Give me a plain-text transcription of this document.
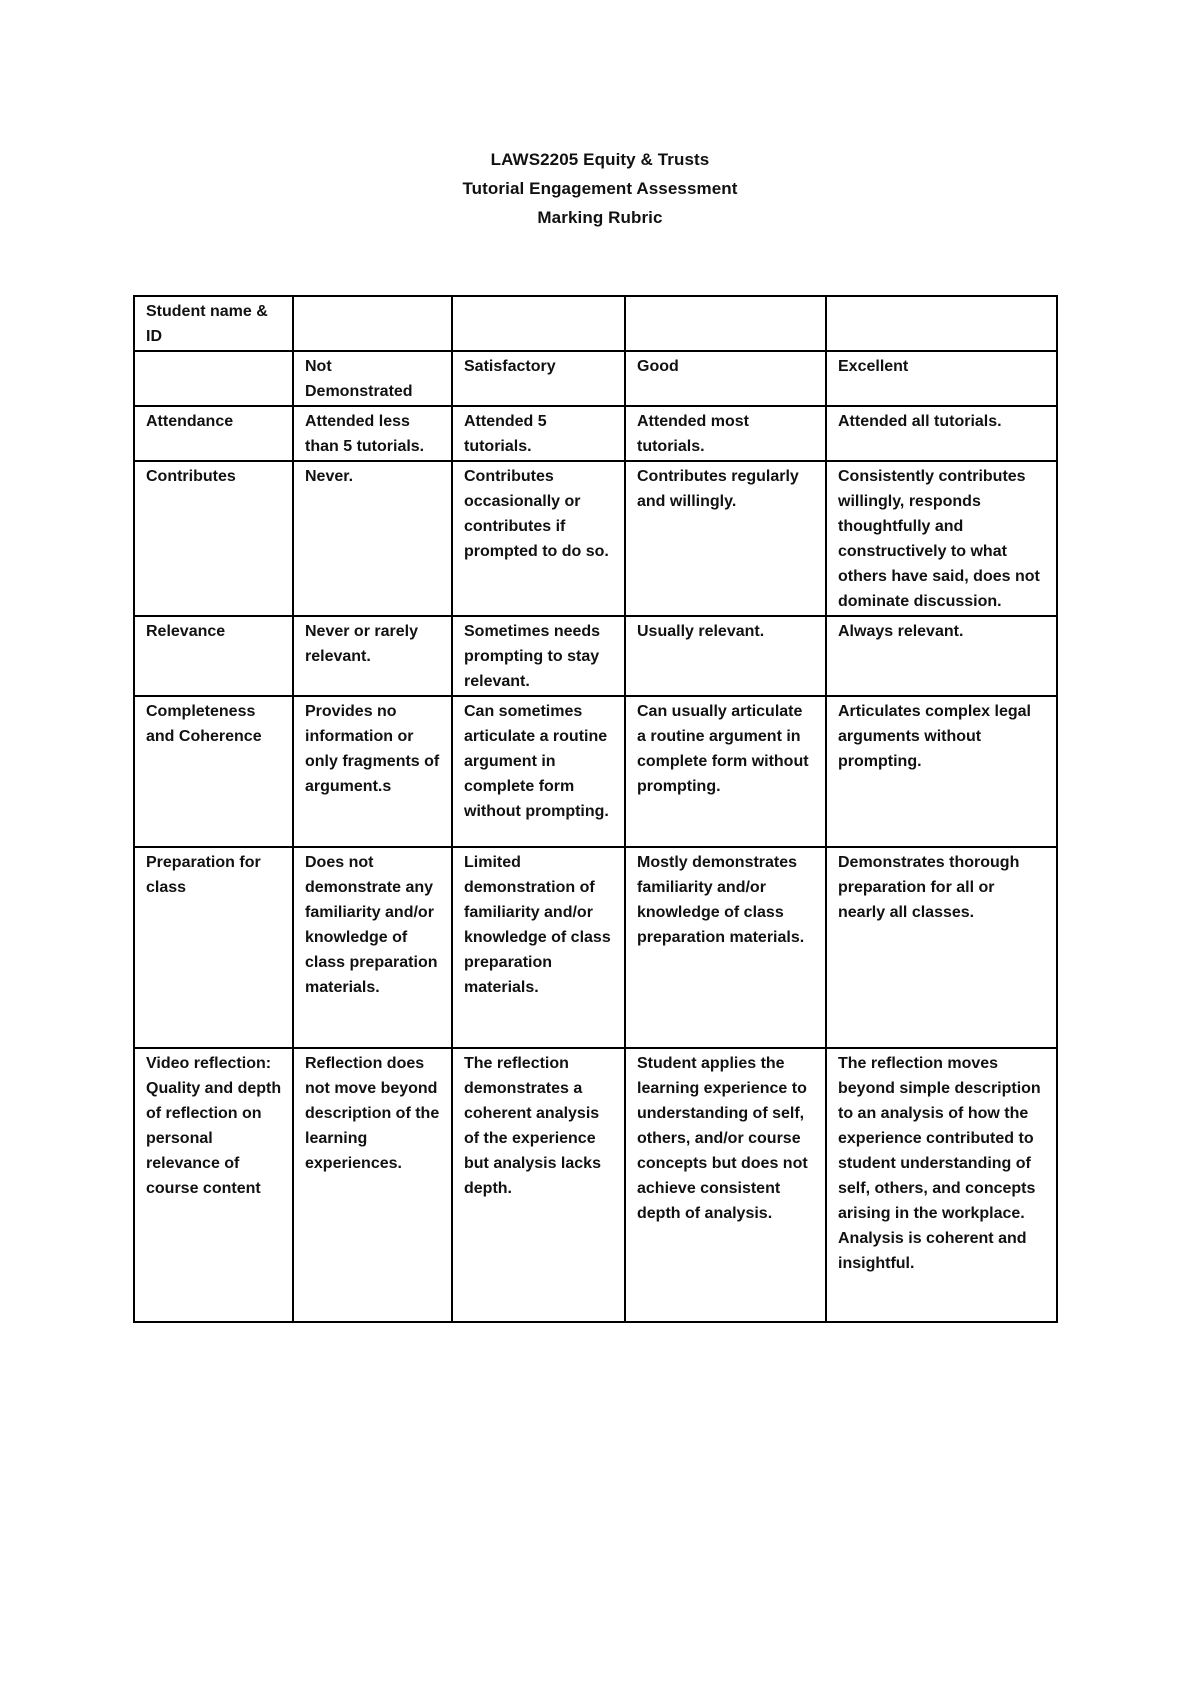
LAWS2205 Equity & Trusts
Tutorial Engagement Assessment
Marking Rubric
Student name & ID				
	Not Demonstrated	Satisfactory	Good	Excellent
Attendance	Attended less than 5 tutorials.	Attended 5 tutorials.	Attended most tutorials.	Attended all tutorials.
Contributes	Never.	Contributes occasionally or contributes if prompted to do so.	Contributes regularly and willingly.	Consistently contributes willingly, responds thoughtfully and constructively to what others have said, does not dominate discussion.
Relevance	Never or rarely relevant.	Sometimes needs prompting to stay relevant.	Usually relevant.	Always relevant.
Completeness and Coherence	Provides no information or only fragments of argument.s	Can sometimes articulate a routine argument in complete form without prompting.	Can usually articulate a routine argument in complete form without prompting.	Articulates complex legal arguments without prompting.
Preparation for class	Does not demonstrate any familiarity and/or knowledge of class preparation materials.	Limited demonstration of familiarity and/or knowledge of class preparation materials.	Mostly demonstrates familiarity and/or knowledge of class preparation materials.	Demonstrates thorough preparation for all or nearly all classes.
Video reflection: Quality and depth of reflection on personal relevance of course content	Reflection does not move beyond description of the learning experiences.	The reflection demonstrates a coherent analysis of the experience but analysis lacks depth.	Student applies the learning experience to understanding of self, others, and/or course concepts but does not achieve consistent depth of analysis.	The reflection moves beyond simple description to an analysis of how the experience contributed to student understanding of self, others, and concepts arising in the workplace. Analysis is coherent and insightful.
